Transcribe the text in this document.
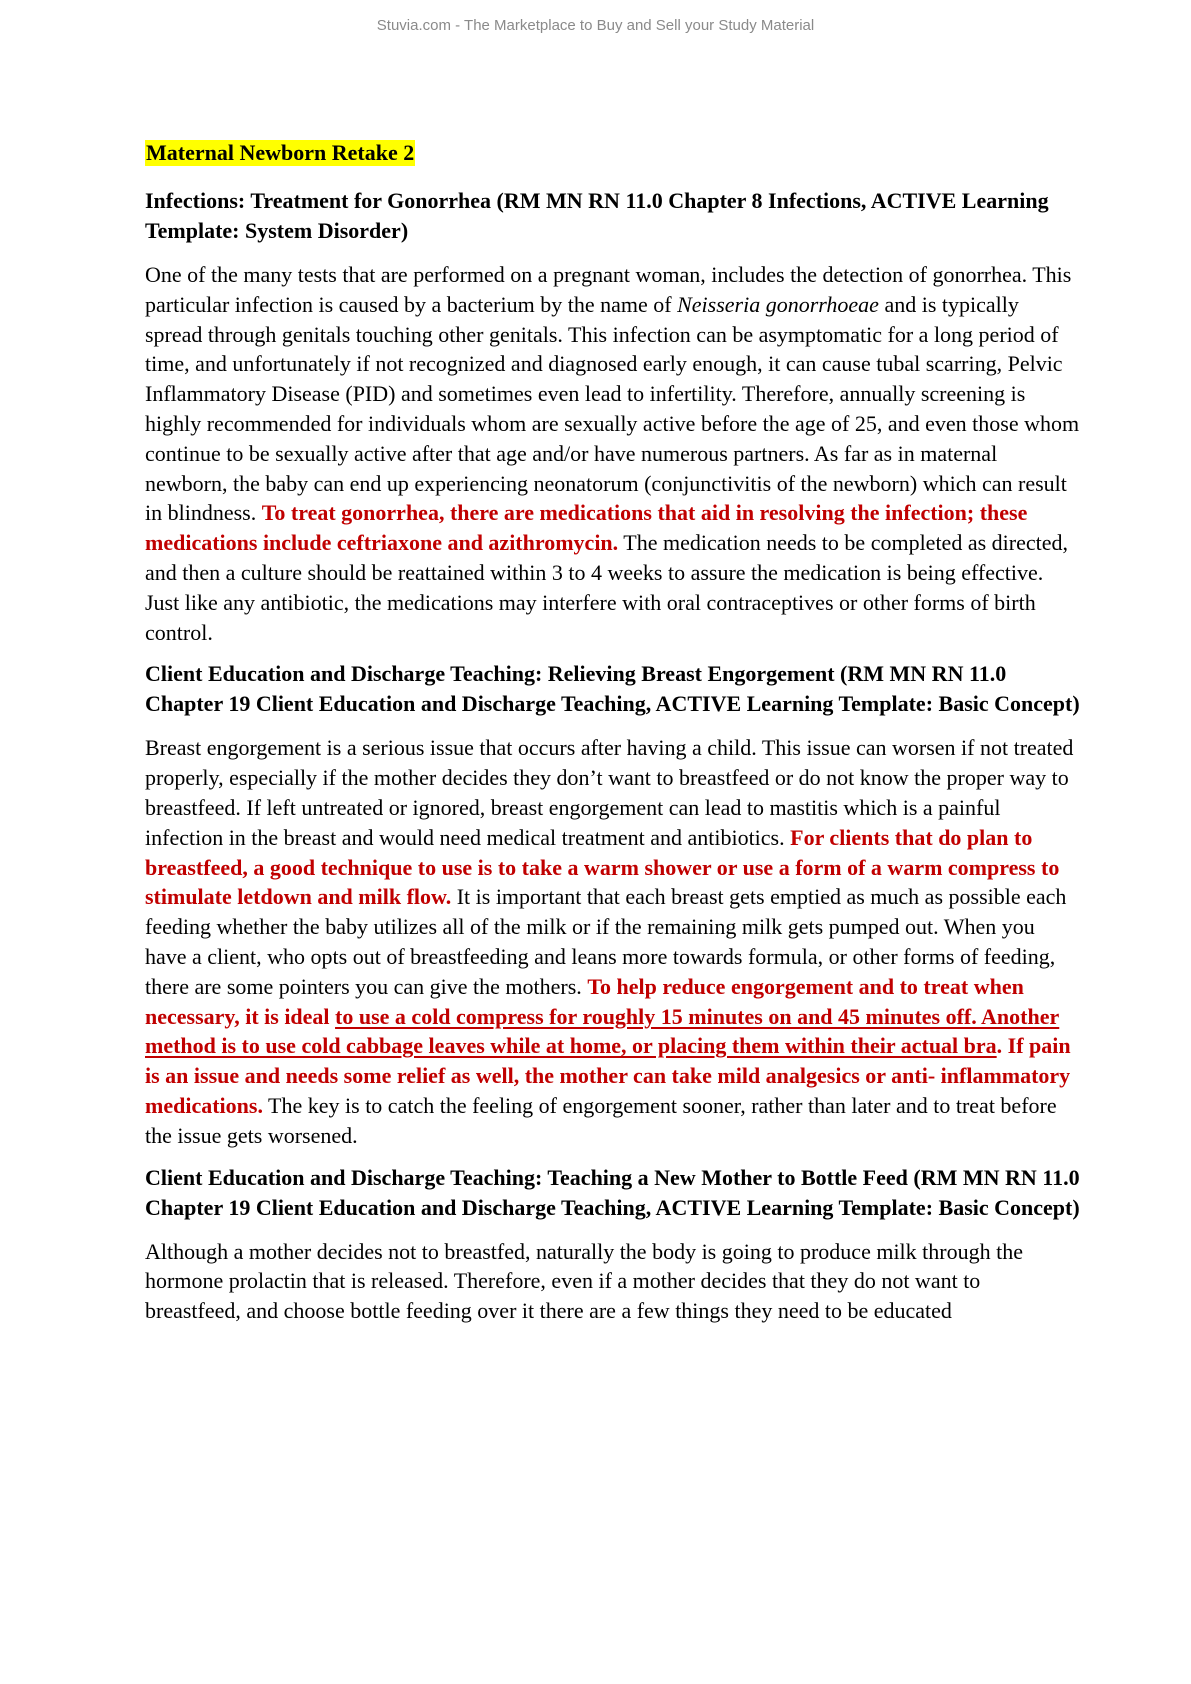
Stuvia.com - The Marketplace to Buy and Sell your Study Material
Maternal Newborn Retake 2
Infections: Treatment for Gonorrhea (RM MN RN 11.0 Chapter 8 Infections, ACTIVE Learning Template: System Disorder)

One of the many tests that are performed on a pregnant woman, includes the detection of gonorrhea. This particular infection is caused by a bacterium by the name of Neisseria gonorrhoeae and is typically spread through genitals touching other genitals. This infection can be asymptomatic for a long period of time, and unfortunately if not recognized and diagnosed early enough, it can cause tubal scarring, Pelvic Inflammatory Disease (PID) and sometimes even lead to infertility. Therefore, annually screening is highly recommended for individuals whom are sexually active before the age of 25, and even those whom continue to be sexually active after that age and/or have numerous partners. As far as in maternal newborn, the baby can end up experiencing neonatorum (conjunctivitis of the newborn) which can result in blindness. To treat gonorrhea, there are medications that aid in resolving the infection; these medications include ceftriaxone and azithromycin. The medication needs to be completed as directed, and then a culture should be reattained within 3 to 4 weeks to assure the medication is being effective. Just like any antibiotic, the medications may interfere with oral contraceptives or other forms of birth control.

Client Education and Discharge Teaching: Relieving Breast Engorgement (RM MN RN 11.0 Chapter 19 Client Education and Discharge Teaching, ACTIVE Learning Template: Basic Concept)

Breast engorgement is a serious issue that occurs after having a child. This issue can worsen if not treated properly, especially if the mother decides they don’t want to breastfeed or do not know the proper way to breastfeed. If left untreated or ignored, breast engorgement can lead to mastitis which is a painful infection in the breast and would need medical treatment and antibiotics. For clients that do plan to breastfeed, a good technique to use is to take a warm shower or use a form of a warm compress to stimulate letdown and milk flow. It is important that each breast gets emptied as much as possible each feeding whether the baby utilizes all of the milk or if the remaining milk gets pumped out. When you have a client, who opts out of breastfeeding and leans more towards formula, or other forms of feeding, there are some pointers you can give the mothers. To help reduce engorgement and to treat when necessary, it is ideal to use a cold compress for roughly 15 minutes on and 45 minutes off. Another method is to use cold cabbage leaves while at home, or placing them within their actual bra. If pain is an issue and needs some relief as well, the mother can take mild analgesics or anti- inflammatory medications. The key is to catch the feeling of engorgement sooner, rather than later and to treat before the issue gets worsened.

Client Education and Discharge Teaching: Teaching a New Mother to Bottle Feed (RM MN RN 11.0 Chapter 19 Client Education and Discharge Teaching, ACTIVE Learning Template: Basic Concept)

Although a mother decides not to breastfed, naturally the body is going to produce milk through the hormone prolactin that is released. Therefore, even if a mother decides that they do not want to breastfeed, and choose bottle feeding over it there are a few things they need to be educated
